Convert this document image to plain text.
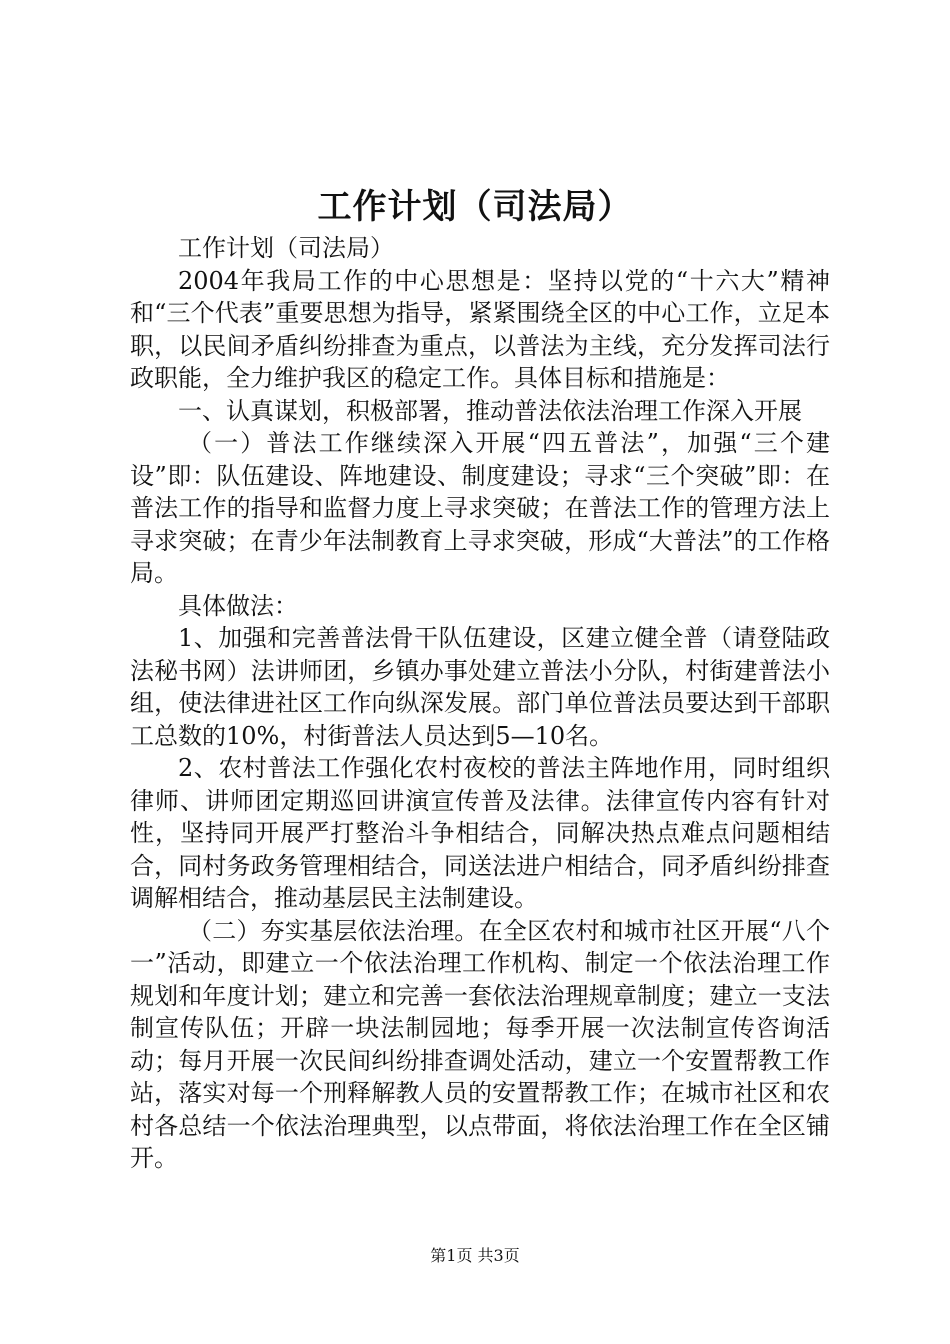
工作计划（司法局）

工作计划（司法局）

2004年我局工作的中心思想是：坚持以党的“十六大”精神和“三个代表”重要思想为指导，紧紧围绕全区的中心工作，立足本职，以民间矛盾纠纷排查为重点，以普法为主线，充分发挥司法行政职能，全力维护我区的稳定工作。具体目标和措施是：

一、认真谋划，积极部署，推动普法依法治理工作深入开展

（一）普法工作继续深入开展“四五普法”，加强“三个建设”即：队伍建设、阵地建设、制度建设；寻求“三个突破”即：在普法工作的指导和监督力度上寻求突破；在普法工作的管理方法上寻求突破；在青少年法制教育上寻求突破，形成“大普法”的工作格局。

具体做法：

1、加强和完善普法骨干队伍建设，区建立健全普（请登陆政法秘书网）法讲师团，乡镇办事处建立普法小分队，村街建普法小组，使法律进社区工作向纵深发展。部门单位普法员要达到干部职工总数的10%，村街普法人员达到5—10名。

2、农村普法工作强化农村夜校的普法主阵地作用，同时组织律师、讲师团定期巡回讲演宣传普及法律。法律宣传内容有针对性，坚持同开展严打整治斗争相结合，同解决热点难点问题相结合，同村务政务管理相结合，同送法进户相结合，同矛盾纠纷排查调解相结合，推动基层民主法制建设。

（二）夯实基层依法治理。在全区农村和城市社区开展“八个一”活动，即建立一个依法治理工作机构、制定一个依法治理工作规划和年度计划；建立和完善一套依法治理规章制度；建立一支法制宣传队伍；开辟一块法制园地；每季开展一次法制宣传咨询活动；每月开展一次民间纠纷排查调处活动，建立一个安置帮教工作站，落实对每一个刑释解教人员的安置帮教工作；在城市社区和农村各总结一个依法治理典型，以点带面，将依法治理工作在全区铺开。

第1页 共3页
